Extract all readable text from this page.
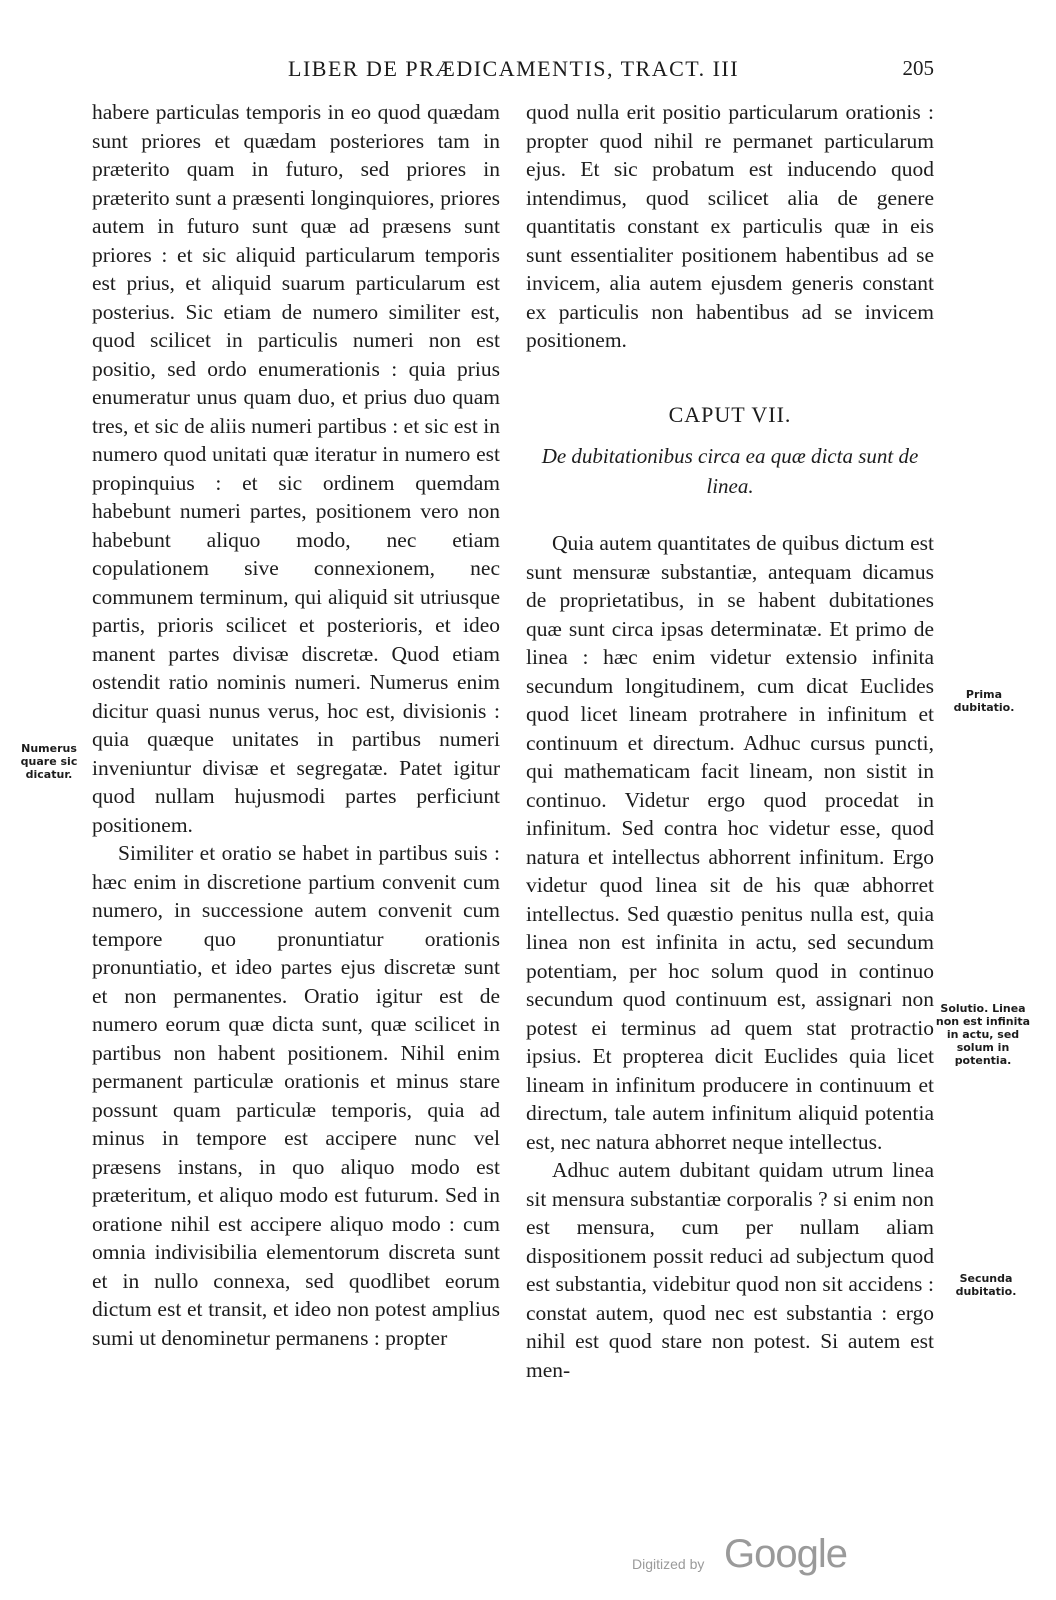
LIBER DE PRÆDICAMENTIS, TRACT. III	205

habere particulas temporis in eo quod quædam sunt priores et quædam posteriores tam in præterito quam in futuro, sed priores in præterito sunt a præsenti longinquiores, priores autem in futuro sunt quæ ad præsens sunt priores : et sic aliquid particularum temporis est prius, et aliquid suarum particularum est posterius. Sic etiam de numero similiter est, quod scilicet in particulis numeri non est positio, sed ordo enumerationis : quia prius enumeratur unus quam duo, et prius duo quam tres, et sic de aliis numeri partibus : et sic est in numero quod unitati quæ iteratur in numero est propinquius : et sic ordinem quemdam habebunt numeri partes, positionem vero non habebunt aliquo modo, nec etiam copulationem sive connexionem, nec communem terminum, qui aliquid sit utriusque partis, prioris scilicet et posterioris, et ideo manent partes divisæ discretæ. Quod etiam ostendit ratio nominis numeri. Numerus enim dicitur quasi nunus verus, hoc est, divisionis : quia quæque unitates in partibus numeri inveniuntur divisæ et segregatæ. Patet igitur quod nullam hujusmodi partes perficiunt positionem.

Similiter et oratio se habet in partibus suis : hæc enim in discretione partium convenit cum numero, in successione autem convenit cum tempore quo pronuntiatur orationis pronuntiatio, et ideo partes ejus discretæ sunt et non permanentes. Oratio igitur est de numero eorum quæ dicta sunt, quæ scilicet in partibus non habent positionem. Nihil enim permanent particulæ orationis et minus stare possunt quam particulæ temporis, quia ad minus in tempore est accipere nunc vel præsens instans, in quo aliquo modo est præteritum, et aliquo modo est futurum. Sed in oratione nihil est accipere aliquo modo : cum omnia indivisibilia elementorum discreta sunt et in nullo connexa, sed quodlibet eorum dictum est et transit, et ideo non potest amplius sumi ut denominetur permanens : propter

quod nulla erit positio particularum orationis : propter quod nihil re permanet particularum ejus. Et sic probatum est inducendo quod intendimus, quod scilicet alia de genere quantitatis constant ex particulis quæ in eis sunt essentialiter positionem habentibus ad se invicem, alia autem ejusdem generis constant ex particulis non habentibus ad se invicem positionem.

CAPUT VII.
De dubitationibus circa ea quæ dicta sunt de linea.

Quia autem quantitates de quibus dictum est sunt mensuræ substantiæ, antequam dicamus de proprietatibus, in se habent dubitationes quæ sunt circa ipsas determinatæ. Et primo de linea : hæc enim videtur extensio infinita secundum longitudinem, cum dicat Euclides quod licet lineam protrahere in infinitum et continuum et directum. Adhuc cursus puncti, qui mathematicam facit lineam, non sistit in continuo. Videtur ergo quod procedat in infinitum. Sed contra hoc videtur esse, quod natura et intellectus abhorrent infinitum. Ergo videtur quod linea sit de his quæ abhorret intellectus. Sed quæstio penitus nulla est, quia linea non est infinita in actu, sed secundum potentiam, per hoc solum quod in continuo secundum quod continuum est, assignari non potest ei terminus ad quem stat protractio ipsius. Et propterea dicit Euclides quia licet lineam in infinitum producere in continuum et directum, tale autem infinitum aliquid potentia est, nec natura abhorret neque intellectus.

Adhuc autem dubitant quidam utrum linea sit mensura substantiæ corporalis ? si enim non est mensura, cum per nullam aliam dispositionem possit reduci ad subjectum quod est substantia, videbitur quod non sit accidens : constat autem, quod nec est substantia : ergo nihil est quod stare non potest. Si autem est men-

Numerus quare sic dicatur.
Prima dubitatio.
Solutio. Linea non est infinita in actu, sed solum in potentia.
Secunda dubitatio.
Digitized by Google
